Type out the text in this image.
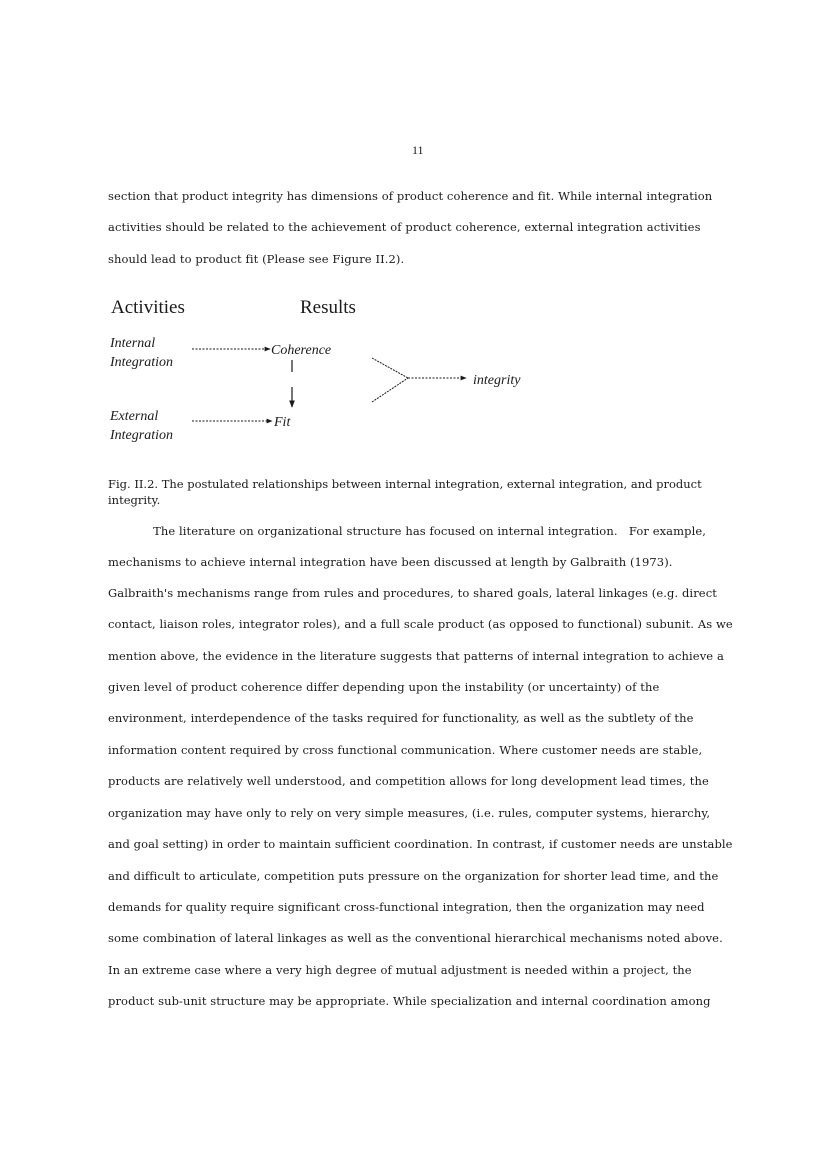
11
section that product integrity has dimensions of product coherence and fit. While internal integration
activities should be related to the achievement of product coherence, external integration activities
should lead to product fit (Please see Figure II.2).
Activities	Results
Internal
Integration
External
Integration
Coherence
Fit
integrity
Fig. II.2. The postulated relationships between internal integration, external integration, and product
integrity.
The literature on organizational structure has focused on internal integration.   For example,
mechanisms to achieve internal integration have been discussed at length by Galbraith (1973).
Galbraith's mechanisms range from rules and procedures, to shared goals, lateral linkages (e.g. direct
contact, liaison roles, integrator roles), and a full scale product (as opposed to functional) subunit. As we
mention above, the evidence in the literature suggests that patterns of internal integration to achieve a
given level of product coherence differ depending upon the instability (or uncertainty) of the
environment, interdependence of the tasks required for functionality, as well as the subtlety of the
information content required by cross functional communication. Where customer needs are stable,
products are relatively well understood, and competition allows for long development lead times, the
organization may have only to rely on very simple measures, (i.e. rules, computer systems, hierarchy,
and goal setting) in order to maintain sufficient coordination. In contrast, if customer needs are unstable
and difficult to articulate, competition puts pressure on the organization for shorter lead time, and the
demands for quality require significant cross-functional integration, then the organization may need
some combination of lateral linkages as well as the conventional hierarchical mechanisms noted above.
In an extreme case where a very high degree of mutual adjustment is needed within a project, the
product sub-unit structure may be appropriate. While specialization and internal coordination among
